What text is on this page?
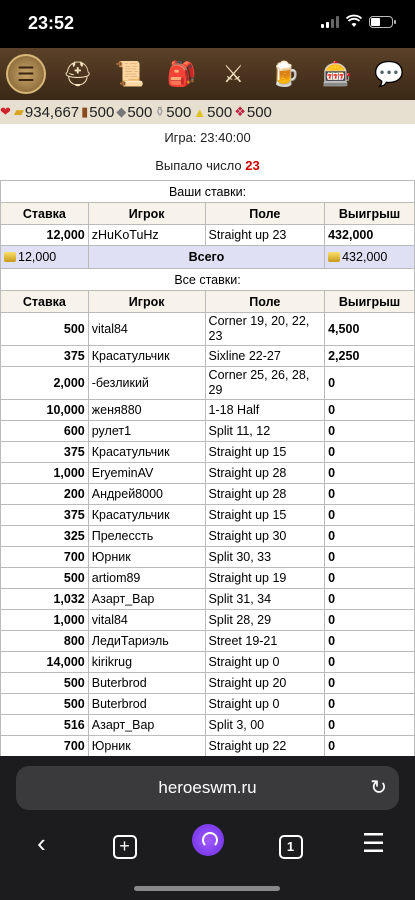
23:52
☰	⛑ 📜 🎒	⚔	🍺 🎰 💬
❤ ▰ 934,667 ▮ 500 ◆ 500 ⚱ 500 ▲ 500 ❖ 500
Игра: 23:40:00
Выпало число 23
Ваши ставки:			
Ставка	Игрок	Поле	Выигрыш
12,000	zHuKoTuHz	Straight up 23	432,000
12,000	Всего		432,000
Все ставки:			
Ставка	Игрок	Поле	Выигрыш
500	vital84	Corner 19, 20, 22, 23	4,500
375	Красатульчик	Sixline 22-27	2,250
2,000	-безликий	Corner 25, 26, 28, 29	0
10,000	женя880	1-18 Half	0
600	рулет1	Split 11, 12	0
375	Красатульчик	Straight up 15	0
1,000	EryeminAV	Straight up 28	0
200	Андрей8000	Straight up 28	0
375	Красатульчик	Straight up 15	0
325	Прелессть	Straight up 30	0
700	Юрник	Split 30, 33	0
500	artiom89	Straight up 19	0
1,032	Азарт_Вар	Split 31, 34	0
1,000	vital84	Split 28, 29	0
800	ЛедиТариэль	Street 19-21	0
14,000	kirikrug	Straight up 0	0
500	Buterbrod	Straight up 20	0
500	Buterbrod	Straight up 0	0
516	Азарт_Вар	Split 3, 00	0
700	Юрник	Straight up 22	0

heroeswm.ru	↻
‹	+	1	☰
